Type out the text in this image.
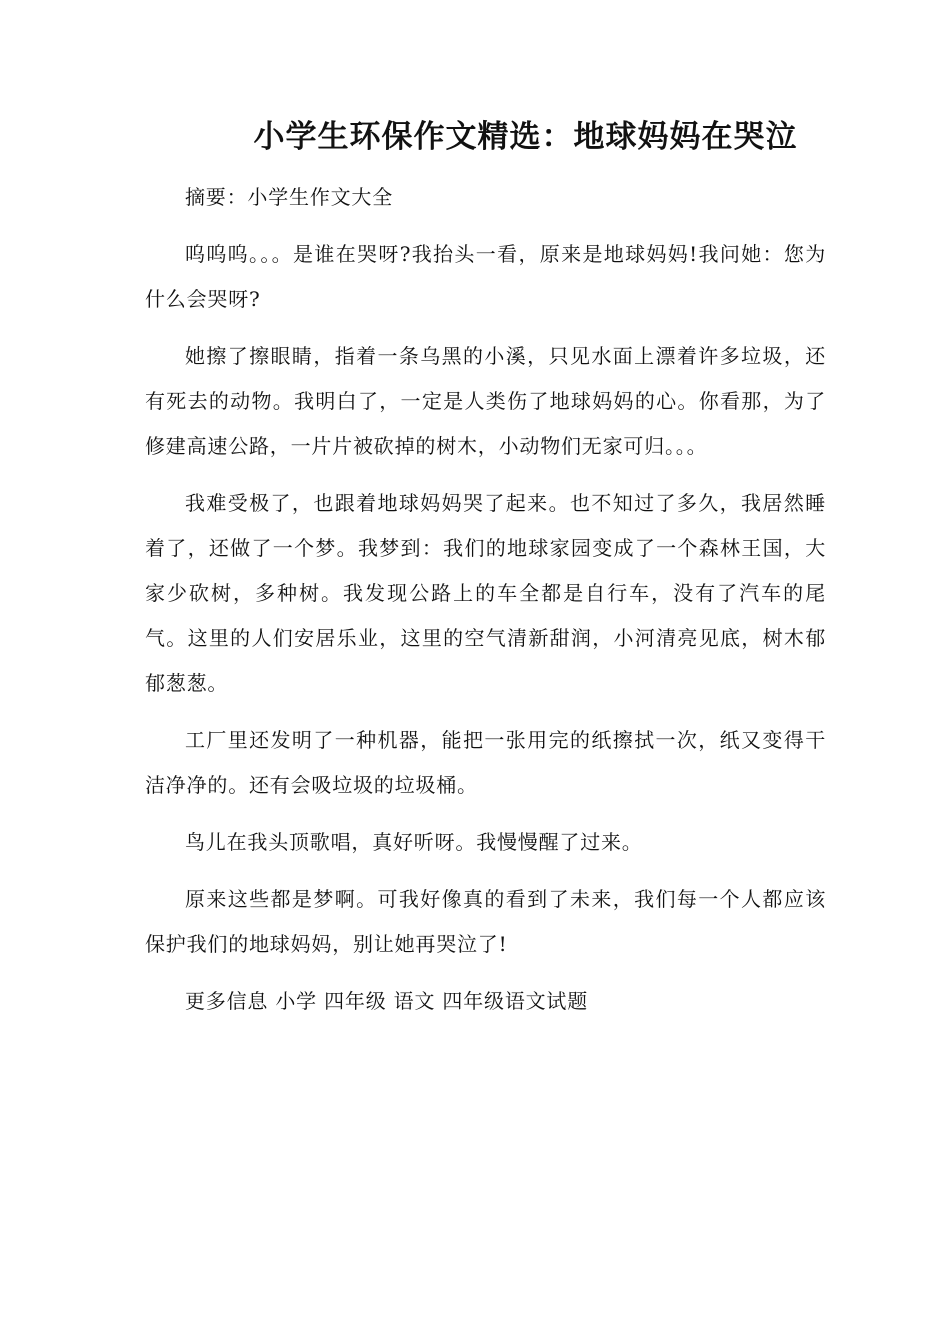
小学生环保作文精选：地球妈妈在哭泣

摘要：小学生作文大全

呜呜呜。。。是谁在哭呀?我抬头一看，原来是地球妈妈!我问她：您为什么会哭呀?

她擦了擦眼睛，指着一条乌黑的小溪，只见水面上漂着许多垃圾，还有死去的动物。我明白了，一定是人类伤了地球妈妈的心。你看那，为了修建高速公路，一片片被砍掉的树木，小动物们无家可归。。。

我难受极了，也跟着地球妈妈哭了起来。也不知过了多久，我居然睡着了，还做了一个梦。我梦到：我们的地球家园变成了一个森林王国，大家少砍树，多种树。我发现公路上的车全都是自行车，没有了汽车的尾气。这里的人们安居乐业，这里的空气清新甜润，小河清亮见底，树木郁郁葱葱。

工厂里还发明了一种机器，能把一张用完的纸擦拭一次，纸又变得干洁净净的。还有会吸垃圾的垃圾桶。

鸟儿在我头顶歌唱，真好听呀。我慢慢醒了过来。

原来这些都是梦啊。可我好像真的看到了未来，我们每一个人都应该保护我们的地球妈妈，别让她再哭泣了!

更多信息 小学 四年级 语文 四年级语文试题
